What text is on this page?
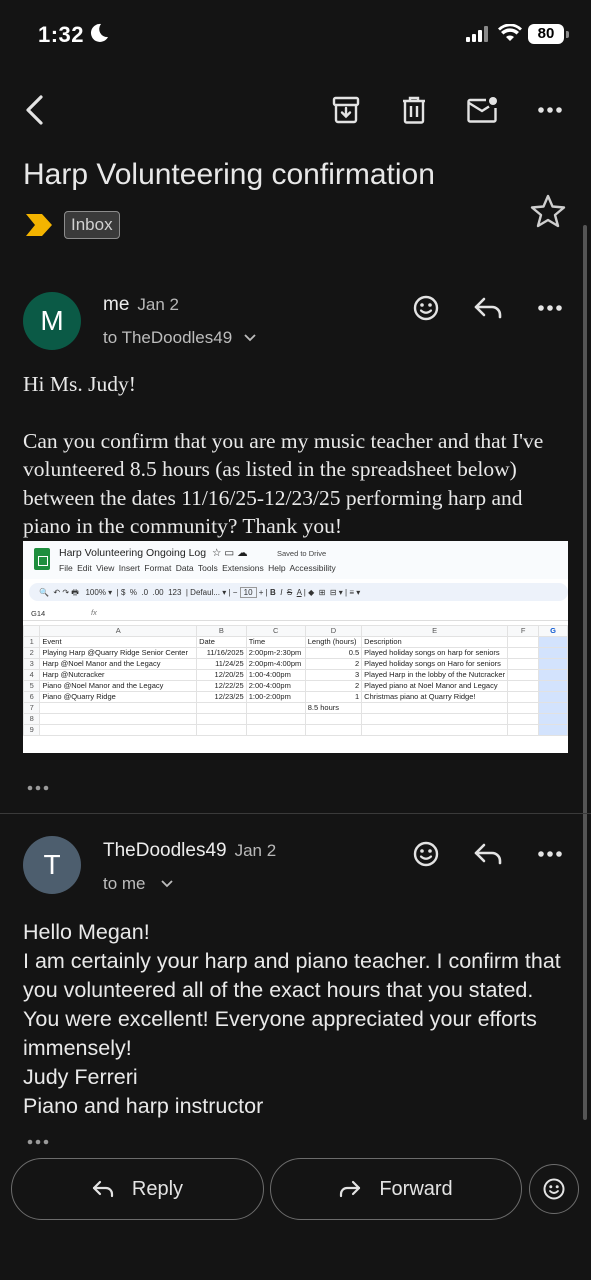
1:32	80
Harp Volunteering confirmation
Inbox
M
me Jan 2
to TheDoodles49

Hi Ms. Judy!

Can you confirm that you are my music teacher and that I've volunteered 8.5 hours (as listed in the spreadsheet below) between the dates 11/16/25-12/23/25 performing harp and piano in the community? Thank you!

Harp Volunteering Ongoing Log  ☆ ▭ ☁	Saved to Drive
File Edit View Insert Format Data Tools Extensions Help Accessibility
🔍  ↶ ↷ 🖶   100% ▾  | $  %  .0  .00  123  | Defaul... ▾ | − 10 + | B I S A | ◆  ⊞  ⊟ ▾ | ≡ ▾
G14	fx
	A	B	C	D	E	F	G
1	Event	Date	Time	Length (hours)	Description		
2	Playing Harp @Quarry Ridge Senior Center	11/16/2025	2:00pm-2:30pm	0.5	Played holiday songs on harp for seniors		
3	Harp @Noel Manor and the Legacy	11/24/25	2:00pm-4:00pm	2	Played holiday songs on Haro for seniors		
4	Harp @Nutcracker	12/20/25	1:00-4:00pm	3	Played Harp in the lobby of the Nutcracker		
5	Piano @Noel Manor and the Legacy	12/22/25	2:00-4:00pm	2	Played piano at Noel Manor and Legacy		
6	Piano @Quarry Ridge	12/23/25	1:00-2:00pm	1	Christmas piano at Quarry Ridge!		
7				8.5 hours			
8							
9							
T	TheDoodles49 Jan 2
to me
Hello Megan!
I am certainly your harp and piano teacher. I confirm that you volunteered all of the exact hours that you stated. You were excellent! Everyone appreciated your efforts immensely!
Judy Ferreri
Piano and harp instructor
Reply	Forward
